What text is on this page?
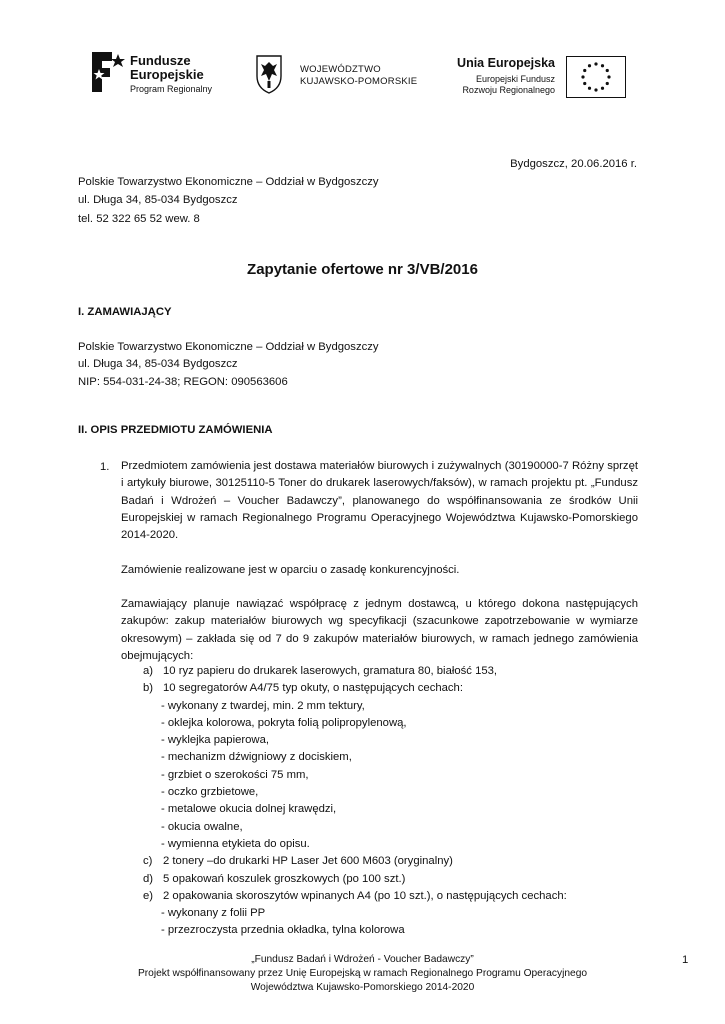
Fundusze
Europejskie
Program Regionalny
WOJEWÓDZTWO
KUJAWSKO-POMORSKIE
Unia Europejska
Europejski Fundusz
Rozwoju Regionalnego
Bydgoszcz, 20.06.2016 r.
Polskie Towarzystwo Ekonomiczne – Oddział w Bydgoszczy
ul. Długa 34, 85-034 Bydgoszcz
tel. 52 322 65 52 wew. 8
Zapytanie ofertowe nr 3/VB/2016
I. ZAMAWIAJĄCY
Polskie Towarzystwo Ekonomiczne – Oddział w Bydgoszczy
ul. Długa 34, 85-034 Bydgoszcz
NIP: 554-031-24-38; REGON: 090563606
II. OPIS PRZEDMIOTU ZAMÓWIENIA
1. Przedmiotem zamówienia jest dostawa materiałów biurowych i zużywalnych (30190000-7 Różny sprzęt i artykuły biurowe, 30125110-5 Toner do drukarek laserowych/faksów), w ramach projektu pt. „Fundusz Badań i Wdrożeń – Voucher Badawczy”, planowanego do współfinansowania ze środków Unii Europejskiej w ramach Regionalnego Programu Operacyjnego Województwa Kujawsko-Pomorskiego 2014-2020.
Zamówienie realizowane jest w oparciu o zasadę konkurencyjności.
Zamawiający planuje nawiązać współpracę z jednym dostawcą, u którego dokona następujących zakupów: zakup materiałów biurowych wg specyfikacji (szacunkowe zapotrzebowanie w wymiarze okresowym) – zakłada się od 7 do 9 zakupów materiałów biurowych, w ramach jednego zamówienia obejmujących:
a) 10 ryz papieru do drukarek laserowych, gramatura 80, białość 153,
b) 10 segregatorów A4/75 typ okuty, o następujących cechach:
- wykonany z twardej, min. 2 mm tektury,
- oklejka kolorowa, pokryta folią polipropylenową,
- wyklejka papierowa,
- mechanizm dźwigniowy z dociskiem,
- grzbiet o szerokości 75 mm,
- oczko grzbietowe,
- metalowe okucia dolnej krawędzi,
- okucia owalne,
- wymienna etykieta do opisu.
c) 2 tonery –do drukarki HP Laser Jet 600 M603 (oryginalny)
d) 5 opakowań koszulek groszkowych (po 100 szt.)
e) 2 opakowania skoroszytów wpinanych A4 (po 10 szt.), o następujących cechach:
- wykonany z folii PP
- przezroczysta przednia okładka, tylna kolorowa
„Fundusz Badań i Wdrożeń - Voucher Badawczy”
Projekt współfinansowany przez Unię Europejską w ramach Regionalnego Programu Operacyjnego
Województwa Kujawsko-Pomorskiego 2014-2020
1
